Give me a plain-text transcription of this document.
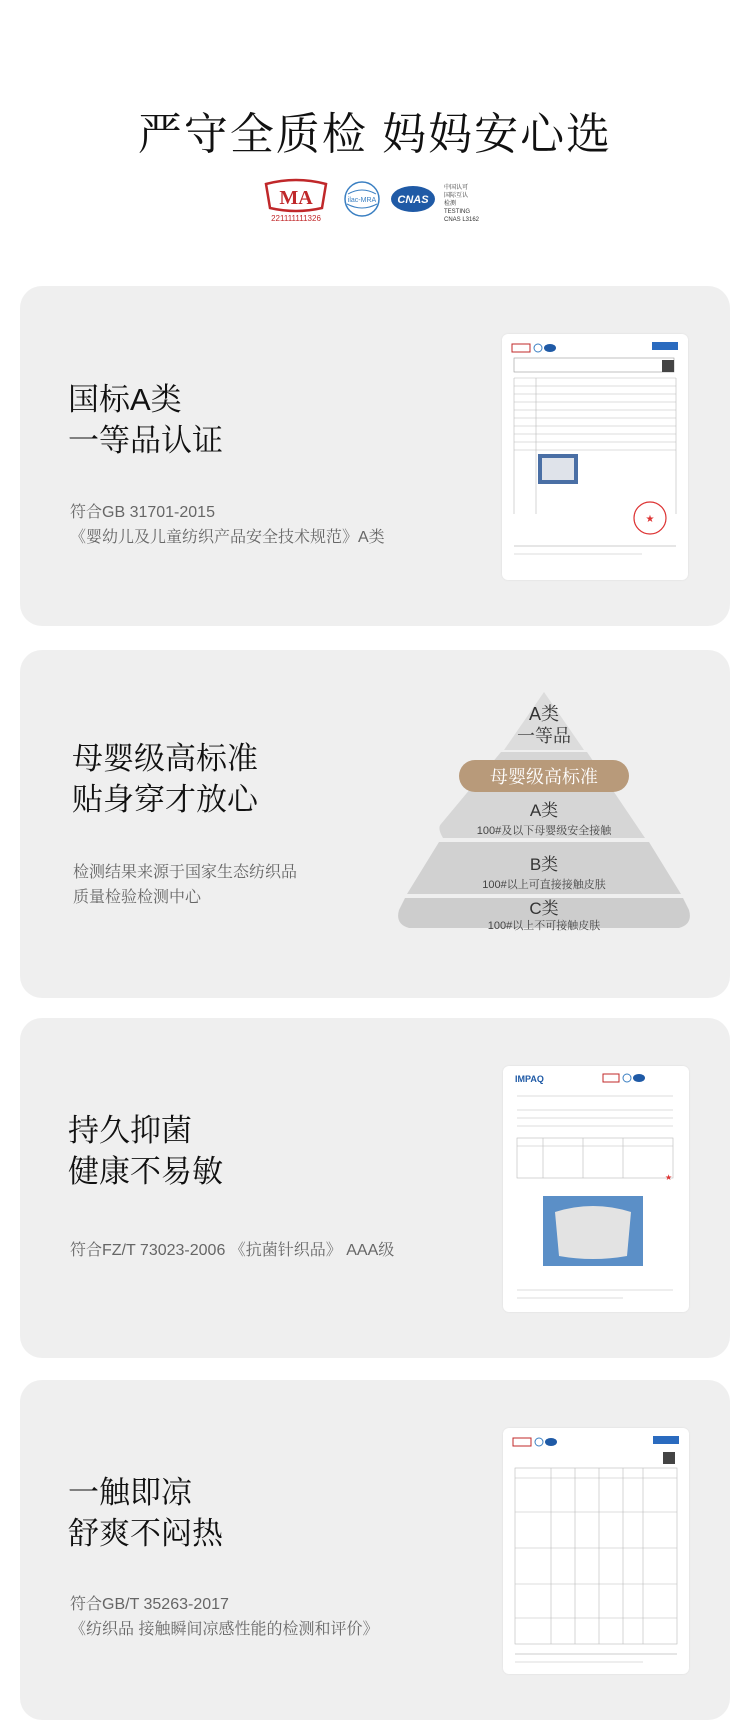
严守全质检 妈妈安心选
MA
221111111326
ilac-MRA CNAS
中国认可
国际互认
检测
TESTING
CNAS L3162
国标A类
一等品认证
符合GB 31701-2015
《婴幼儿及儿童纺织产品安全技术规范》A类
★
母婴级高标准
贴身穿才放心
检测结果来源于国家生态纺织品
质量检验检测中心
A类
一等品
母婴级高标准
A类
100#及以下母婴级安全接触
B类
100#以上可直接接触皮肤
C类
100#以上不可接触皮肤
持久抑菌
健康不易敏
符合FZ/T 73023-2006 《抗菌针织品》 AAA级
IMPAQ
★
一触即凉
舒爽不闷热
符合GB/T 35263-2017
《纺织品 接触瞬间凉感性能的检测和评价》
